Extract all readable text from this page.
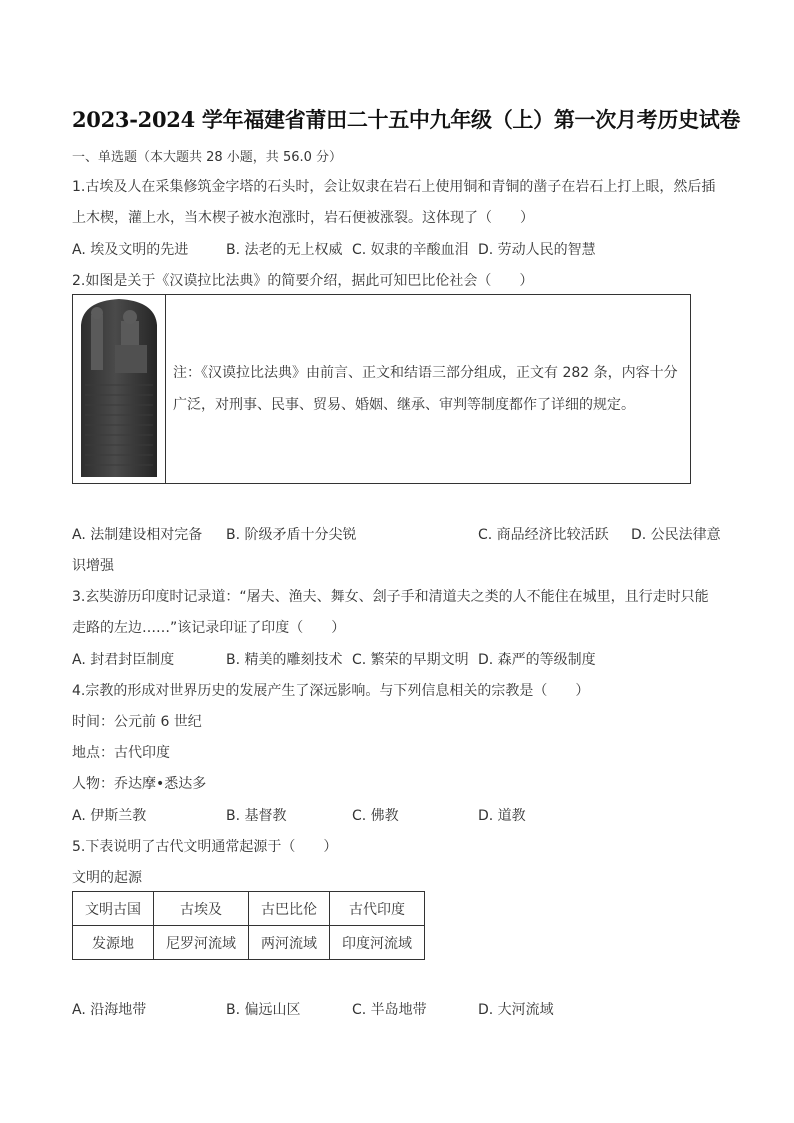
2023-2024 学年福建省莆田二十五中九年级（上）第一次月考历史试卷
一、单选题（本大题共 28 小题，共 56.0 分）
1.古埃及人在采集修筑金字塔的石头时，会让奴隶在岩石上使用铜和青铜的凿子在岩石上打上眼，然后插
上木楔，灌上水，当木楔子被水泡涨时，岩石便被涨裂。这体现了（　　）
A. 埃及文明的先进	B. 法老的无上权威 C. 奴隶的辛酸血泪 D. 劳动人民的智慧
2.如图是关于《汉谟拉比法典》的简要介绍，据此可知巴比伦社会（　　）
注：《汉谟拉比法典》由前言、正文和结语三部分组成，正文有 282 条，内容十分广泛，对刑事、民事、贸易、婚姻、继承、审判等制度都作了详细的规定。
A. 法制建设相对完备 B. 阶级矛盾十分尖锐	C. 商品经济比较活跃 D. 公民法律意
识增强
3.玄奘游历印度时记录道：“屠夫、渔夫、舞女、刽子手和清道夫之类的人不能住在城里，且行走时只能
走路的左边……”该记录印证了印度（　　）
A. 封君封臣制度	B. 精美的雕刻技术 C. 繁荣的早期文明 D. 森严的等级制度
4.宗教的形成对世界历史的发展产生了深远影响。与下列信息相关的宗教是（　　）
时间：公元前 6 世纪
地点：古代印度
人物：乔达摩•悉达多
A. 伊斯兰教	B. 基督教	C. 佛教	D. 道教
5.下表说明了古代文明通常起源于（　　）
文明的起源
文明古国	古埃及	古巴比伦	古代印度
发源地	尼罗河流域	两河流域	印度河流域
A. 沿海地带	B. 偏远山区	C. 半岛地带	D. 大河流域
